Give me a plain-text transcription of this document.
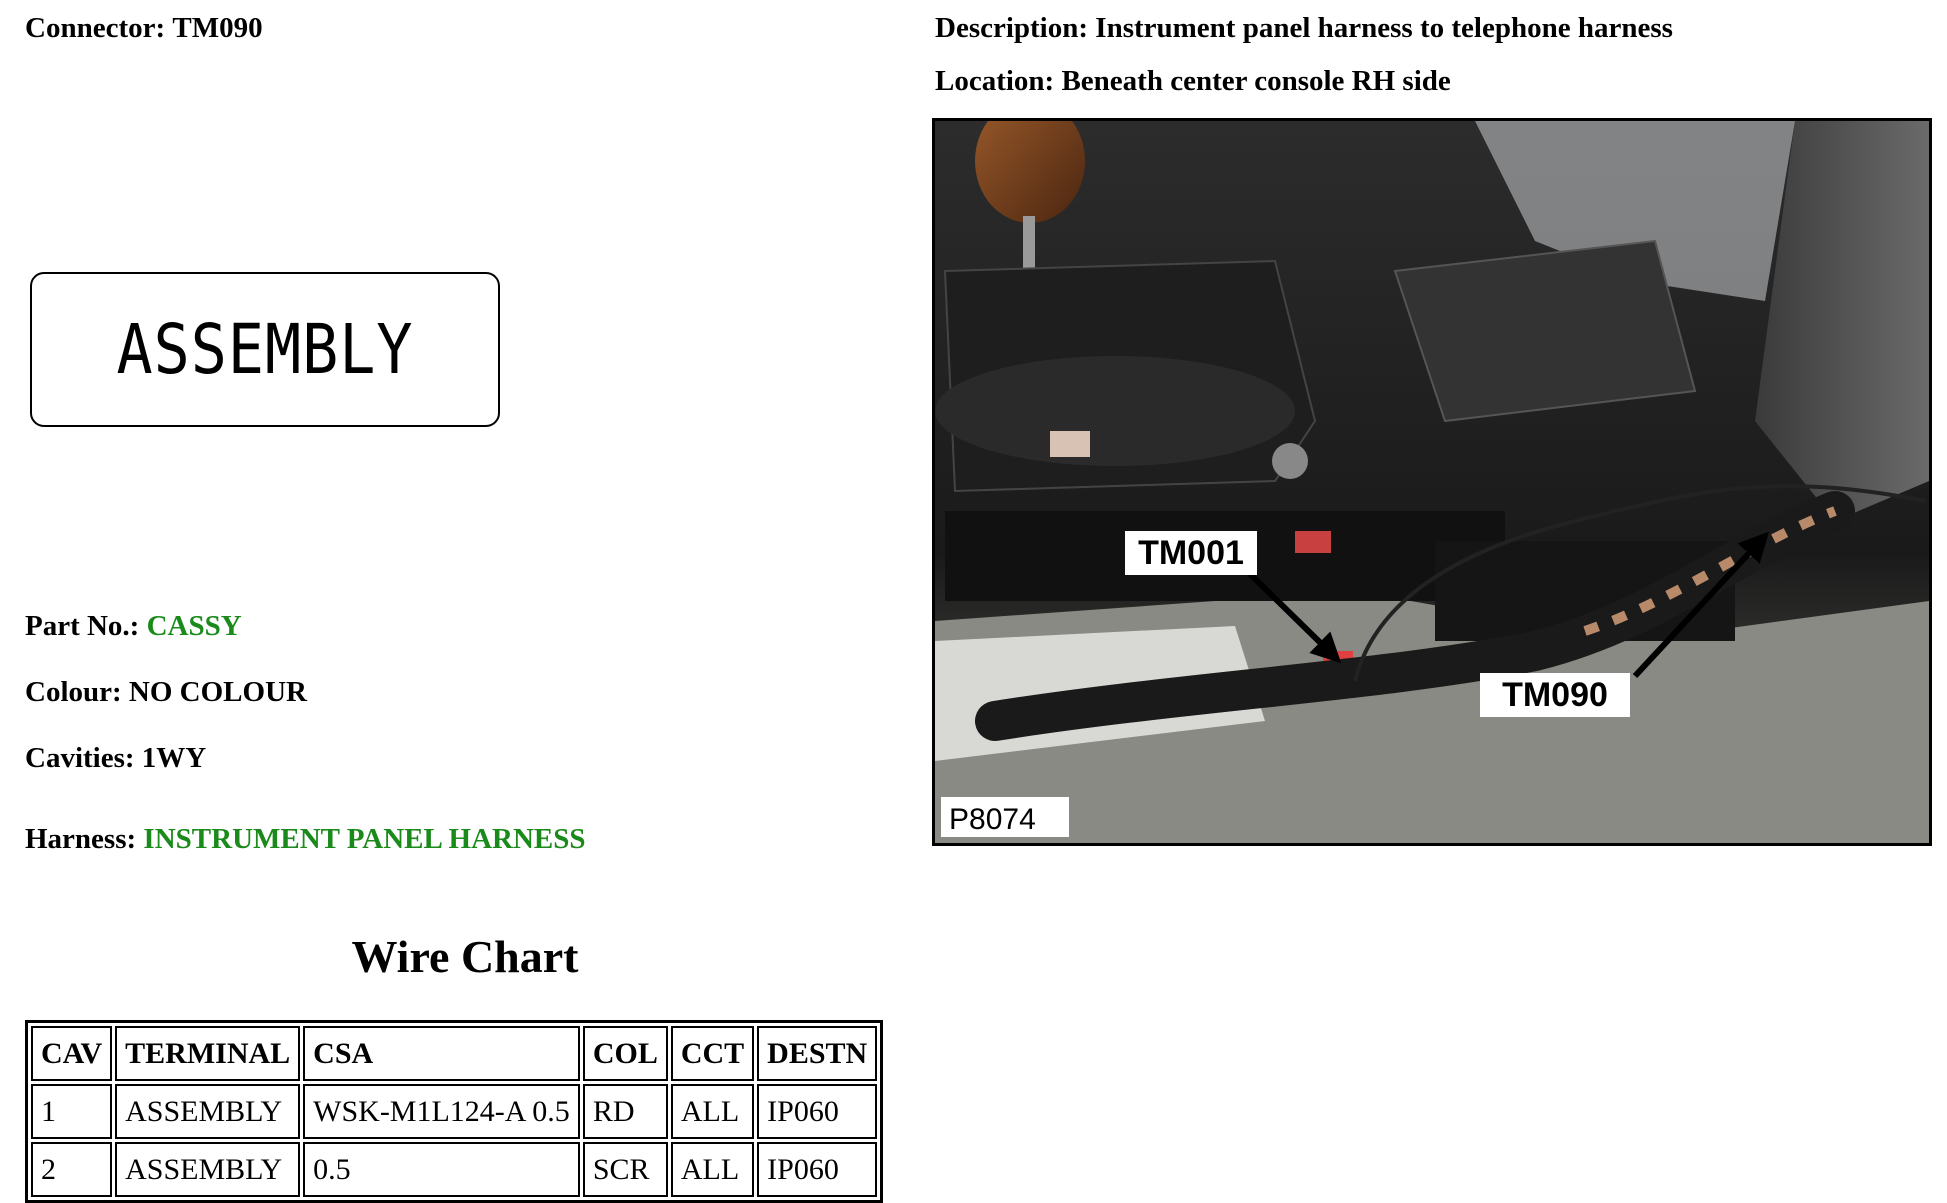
Connector: TM090	Description: Instrument panel harness to telephone harness
Location: Beneath center console RH side
ASSEMBLY
Part No.: CASSY
Colour: NO COLOUR
Cavities: 1WY
Harness: INSTRUMENT PANEL HARNESS
Wire Chart
CAV	TERMINAL	CSA	COL	CCT	DESTN
1	ASSEMBLY	WSK-M1L124-A 0.5	RD	ALL	IP060
2	ASSEMBLY	0.5	SCR	ALL	IP060
TM001
TM090
P8074
